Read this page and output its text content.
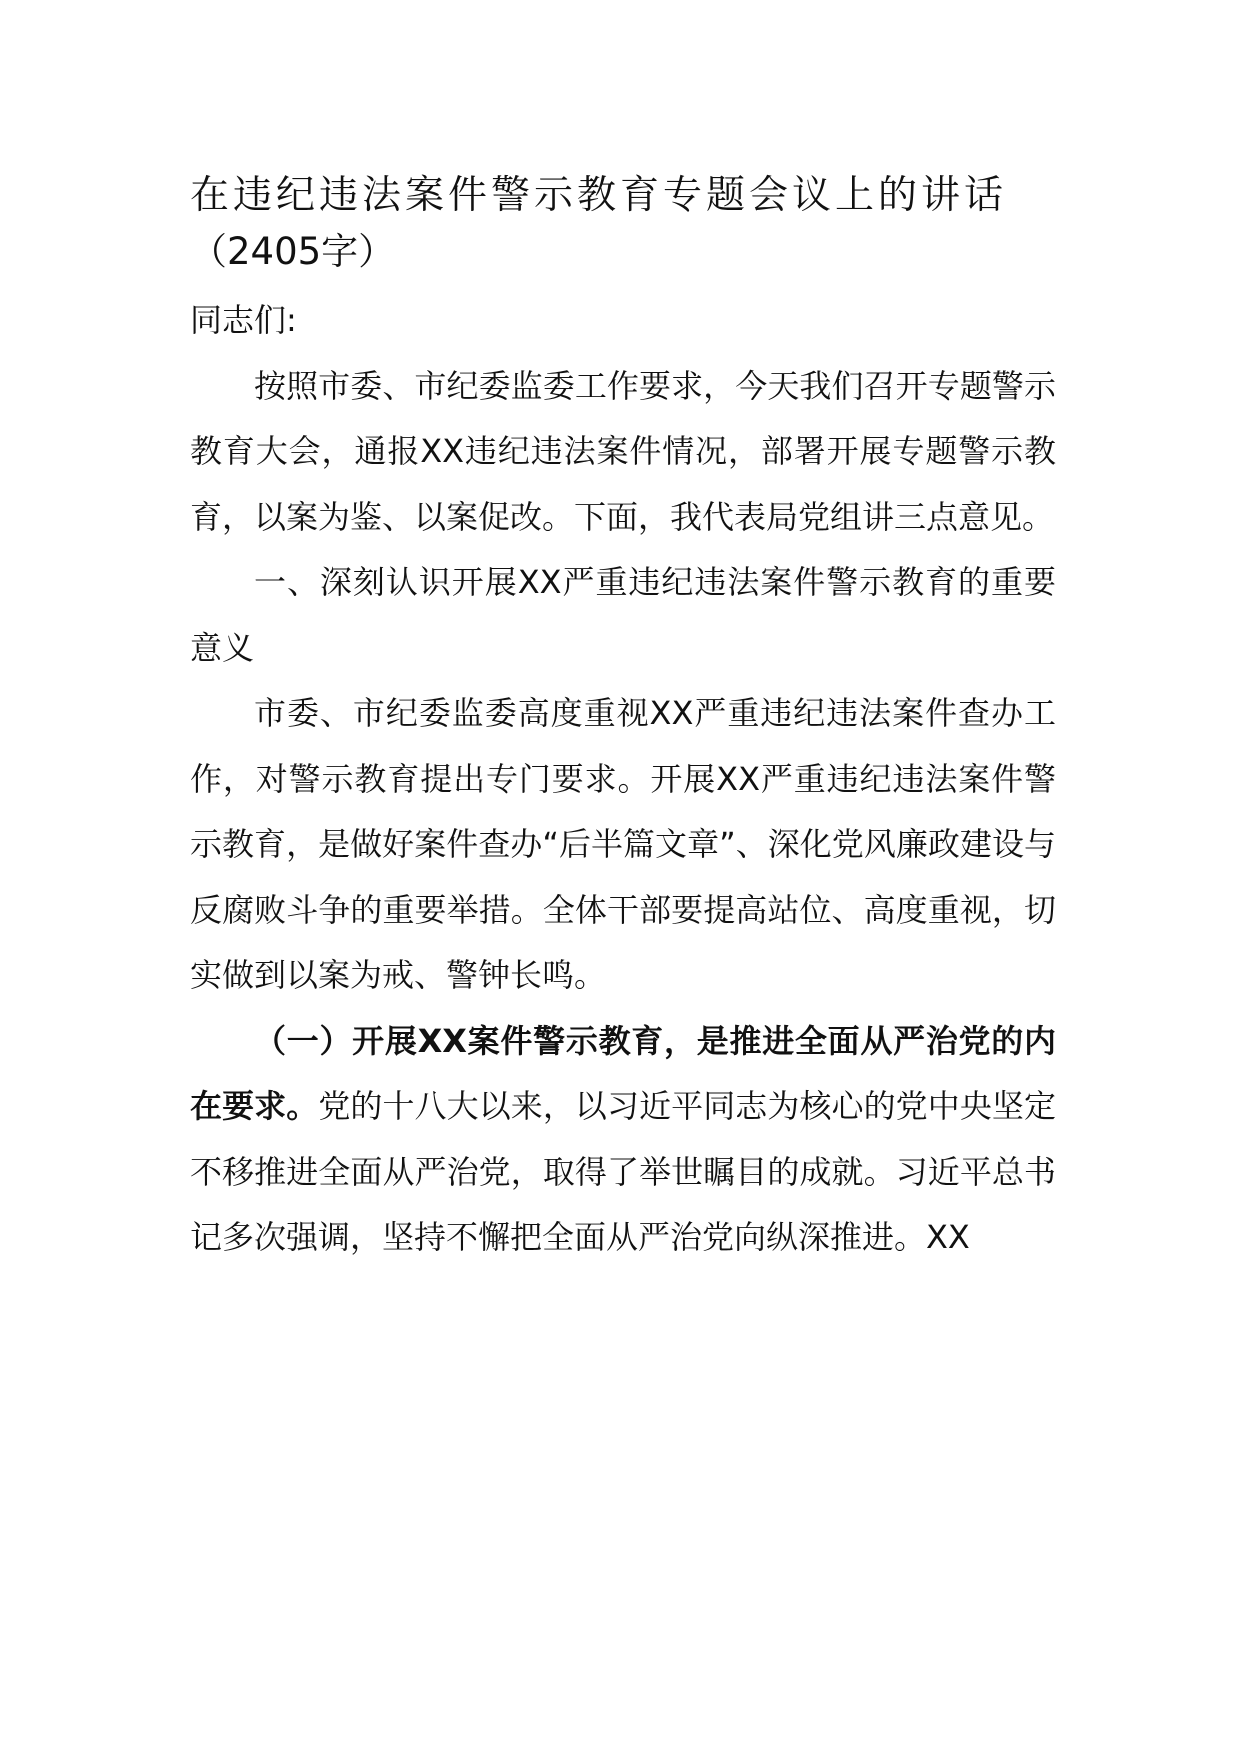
在违纪违法案件警示教育专题会议上的讲话
（2405字）

同志们:

按照市委、市纪委监委工作要求，今天我们召开专题警示教育大会，通报XX违纪违法案件情况，部署开展专题警示教育，以案为鉴、以案促改。下面，我代表局党组讲三点意见。

一、深刻认识开展XX严重违纪违法案件警示教育的重要意义

市委、市纪委监委高度重视XX严重违纪违法案件查办工作，对警示教育提出专门要求。开展XX严重违纪违法案件警示教育，是做好案件查办“后半篇文章”、深化党风廉政建设与反腐败斗争的重要举措。全体干部要提高站位、高度重视，切实做到以案为戒、警钟长鸣。

（一）开展XX案件警示教育，是推进全面从严治党的内在要求。党的十八大以来，以习近平同志为核心的党中央坚定不移推进全面从严治党，取得了举世瞩目的成就。习近平总书记多次强调，坚持不懈把全面从严治党向纵深推进。XX
